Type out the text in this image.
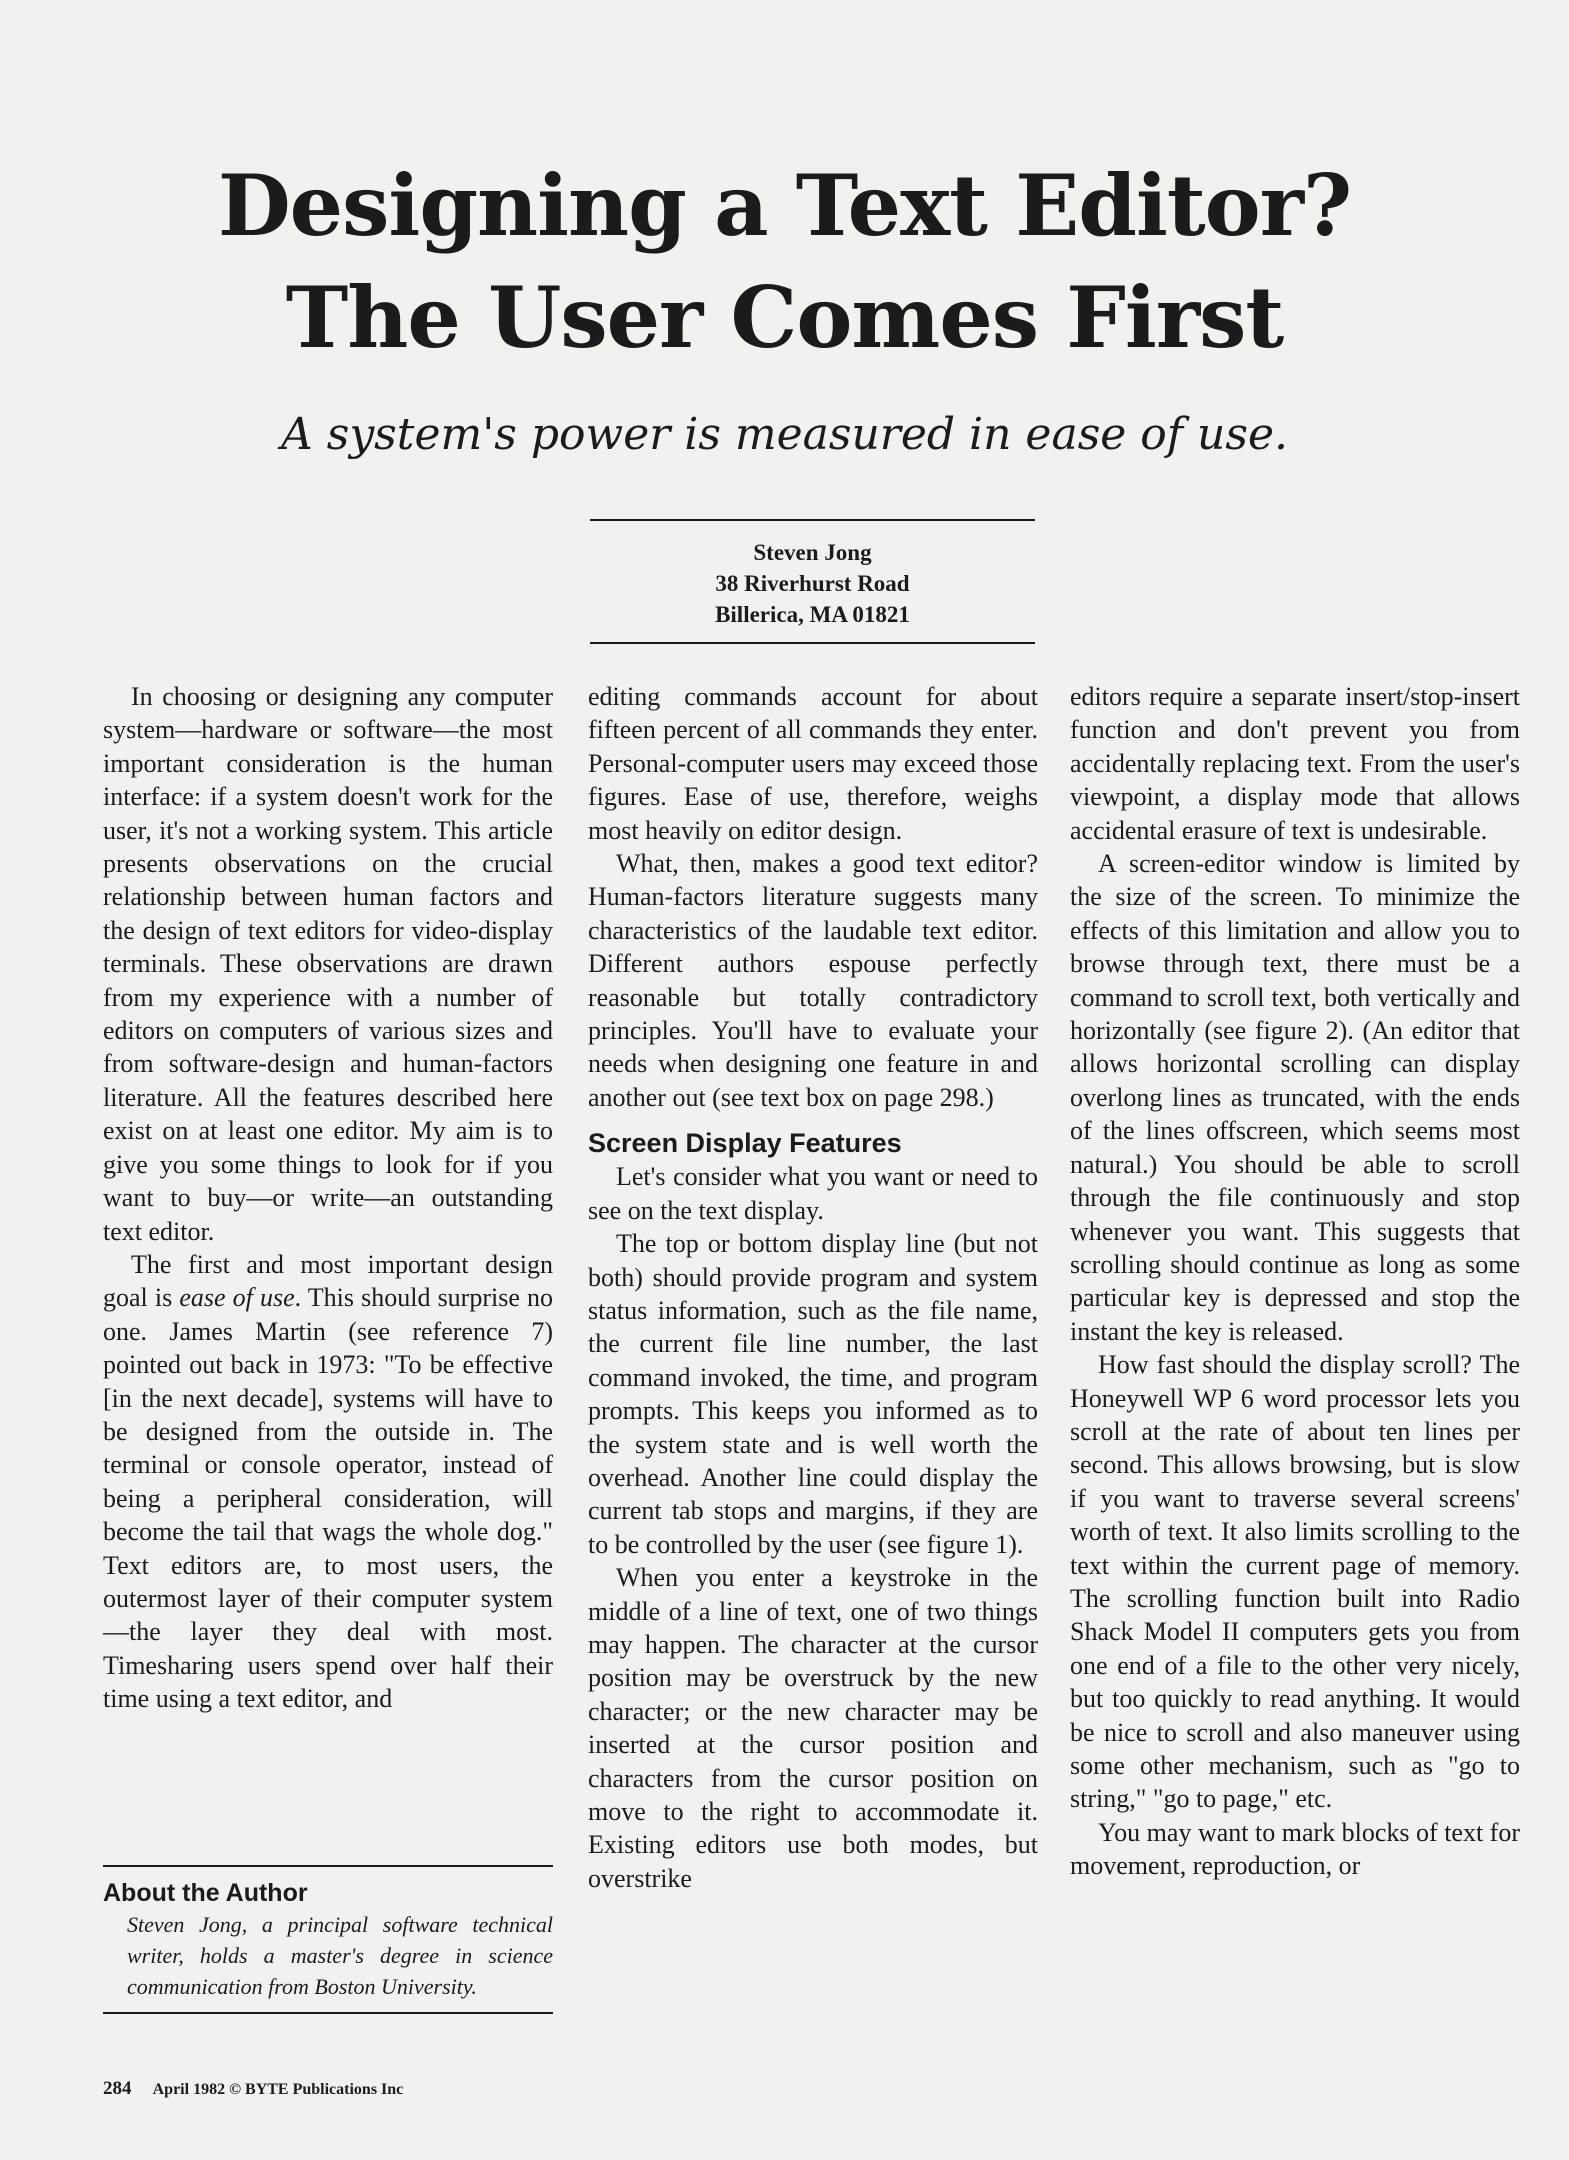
Designing a Text Editor?
The User Comes First

A system's power is measured in ease of use.

Steven Jong
38 Riverhurst Road
Billerica, MA 01821

In choosing or designing any computer system—hardware or software—the most important consideration is the human interface: if a system doesn't work for the user, it's not a working system. This article presents observations on the crucial relationship between human factors and the design of text editors for video-display terminals. These observations are drawn from my experience with a number of editors on computers of various sizes and from software-design and human-factors literature. All the features described here exist on at least one editor. My aim is to give you some things to look for if you want to buy—or write—an outstanding text editor.

The first and most important design goal is ease of use. This should surprise no one. James Martin (see reference 7) pointed out back in 1973: "To be effective [in the next decade], systems will have to be designed from the outside in. The terminal or console operator, instead of being a peripheral consideration, will become the tail that wags the whole dog." Text editors are, to most users, the outermost layer of their computer system—the layer they deal with most. Timesharing users spend over half their time using a text editor, and

editing commands account for about fifteen percent of all commands they enter. Personal-computer users may exceed those figures. Ease of use, therefore, weighs most heavily on editor design.

What, then, makes a good text editor? Human-factors literature suggests many characteristics of the laudable text editor. Different authors espouse perfectly reasonable but totally contradictory principles. You'll have to evaluate your needs when designing one feature in and another out (see text box on page 298.)

Screen Display Features

Let's consider what you want or need to see on the text display.

The top or bottom display line (but not both) should provide program and system status information, such as the file name, the current file line number, the last command invoked, the time, and program prompts. This keeps you informed as to the system state and is well worth the overhead. Another line could display the current tab stops and margins, if they are to be controlled by the user (see figure 1).

When you enter a keystroke in the middle of a line of text, one of two things may happen. The character at the cursor position may be overstruck by the new character; or the new character may be inserted at the cursor position and characters from the cursor position on move to the right to accommodate it. Existing editors use both modes, but overstrike

editors require a separate insert/stop-insert function and don't prevent you from accidentally replacing text. From the user's viewpoint, a display mode that allows accidental erasure of text is undesirable.

A screen-editor window is limited by the size of the screen. To minimize the effects of this limitation and allow you to browse through text, there must be a command to scroll text, both vertically and horizontally (see figure 2). (An editor that allows horizontal scrolling can display overlong lines as truncated, with the ends of the lines offscreen, which seems most natural.) You should be able to scroll through the file continuously and stop whenever you want. This suggests that scrolling should continue as long as some particular key is depressed and stop the instant the key is released.

How fast should the display scroll? The Honeywell WP 6 word processor lets you scroll at the rate of about ten lines per second. This allows browsing, but is slow if you want to traverse several screens' worth of text. It also limits scrolling to the text within the current page of memory. The scrolling function built into Radio Shack Model II computers gets you from one end of a file to the other very nicely, but too quickly to read anything. It would be nice to scroll and also maneuver using some other mechanism, such as "go to string," "go to page," etc.

You may want to mark blocks of text for movement, reproduction, or

About the Author

Steven Jong, a principal software technical writer, holds a master's degree in science communication from Boston University.

284 April 1982 © BYTE Publications Inc
